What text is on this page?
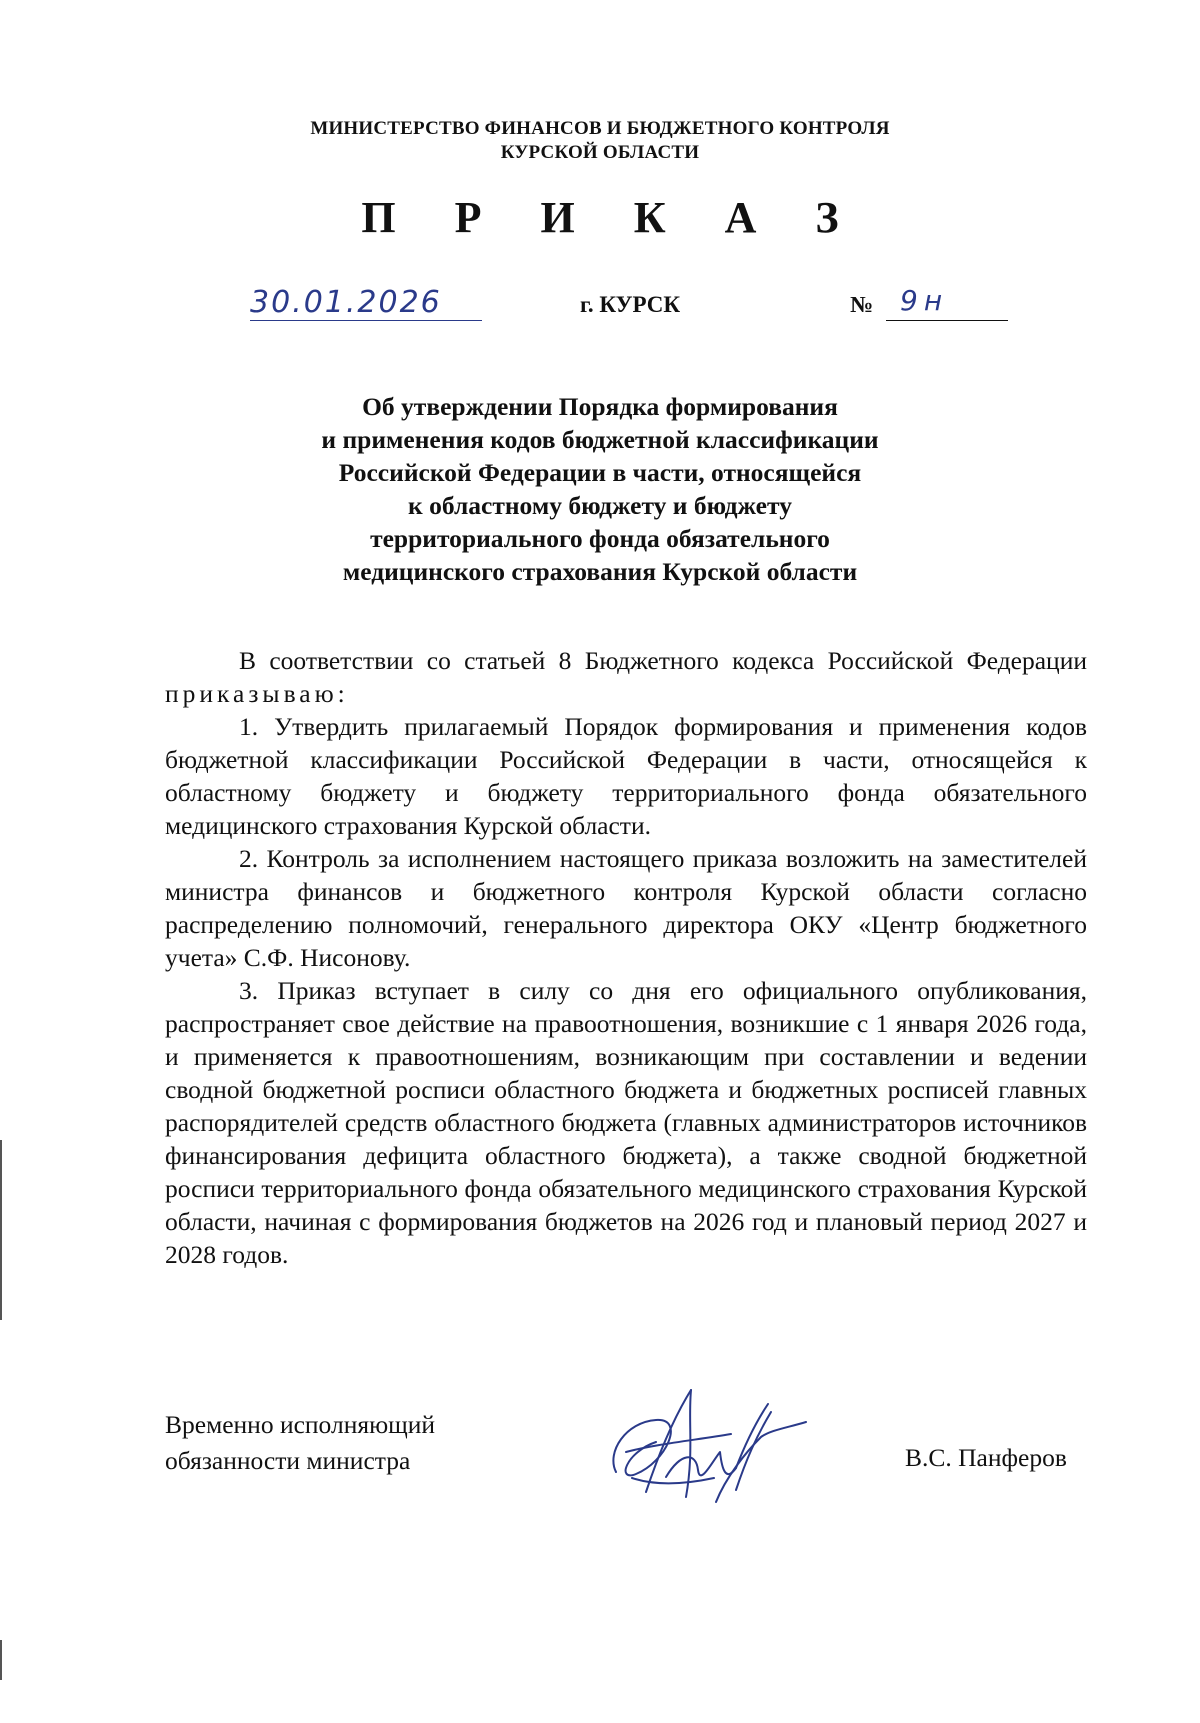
МИНИСТЕРСТВО ФИНАНСОВ И БЮДЖЕТНОГО КОНТРОЛЯ
КУРСКОЙ ОБЛАСТИ
П Р И К А З
30.01.2026	г. КУРСК	№ 9н
Об утверждении Порядка формирования
и применения кодов бюджетной классификации
Российской Федерации в части, относящейся
к областному бюджету и бюджету
территориального фонда обязательного
медицинского страхования Курской области

В соответствии со статьей 8 Бюджетного кодекса Российской Федерации приказываю:

1. Утвердить прилагаемый Порядок формирования и применения кодов бюджетной классификации Российской Федерации в части, относящейся к областному бюджету и бюджету территориального фонда обязательного медицинского страхования Курской области.

2. Контроль за исполнением настоящего приказа возложить на заместителей министра финансов и бюджетного контроля Курской области согласно распределению полномочий, генерального директора ОКУ «Центр бюджетного учета» С.Ф. Нисонову.

3. Приказ вступает в силу со дня его официального опубликования, распространяет свое действие на правоотношения, возникшие с 1 января 2026 года, и применяется к правоотношениям, возникающим при составлении и ведении сводной бюджетной росписи областного бюджета и бюджетных росписей главных распорядителей средств областного бюджета (главных администраторов источников финансирования дефицита областного бюджета), а также сводной бюджетной росписи территориального фонда обязательного медицинского страхования Курской области, начиная с формирования бюджетов на 2026 год и плановый период 2027 и 2028 годов.

Временно исполняющий
обязанности министра	В.С. Панферов
